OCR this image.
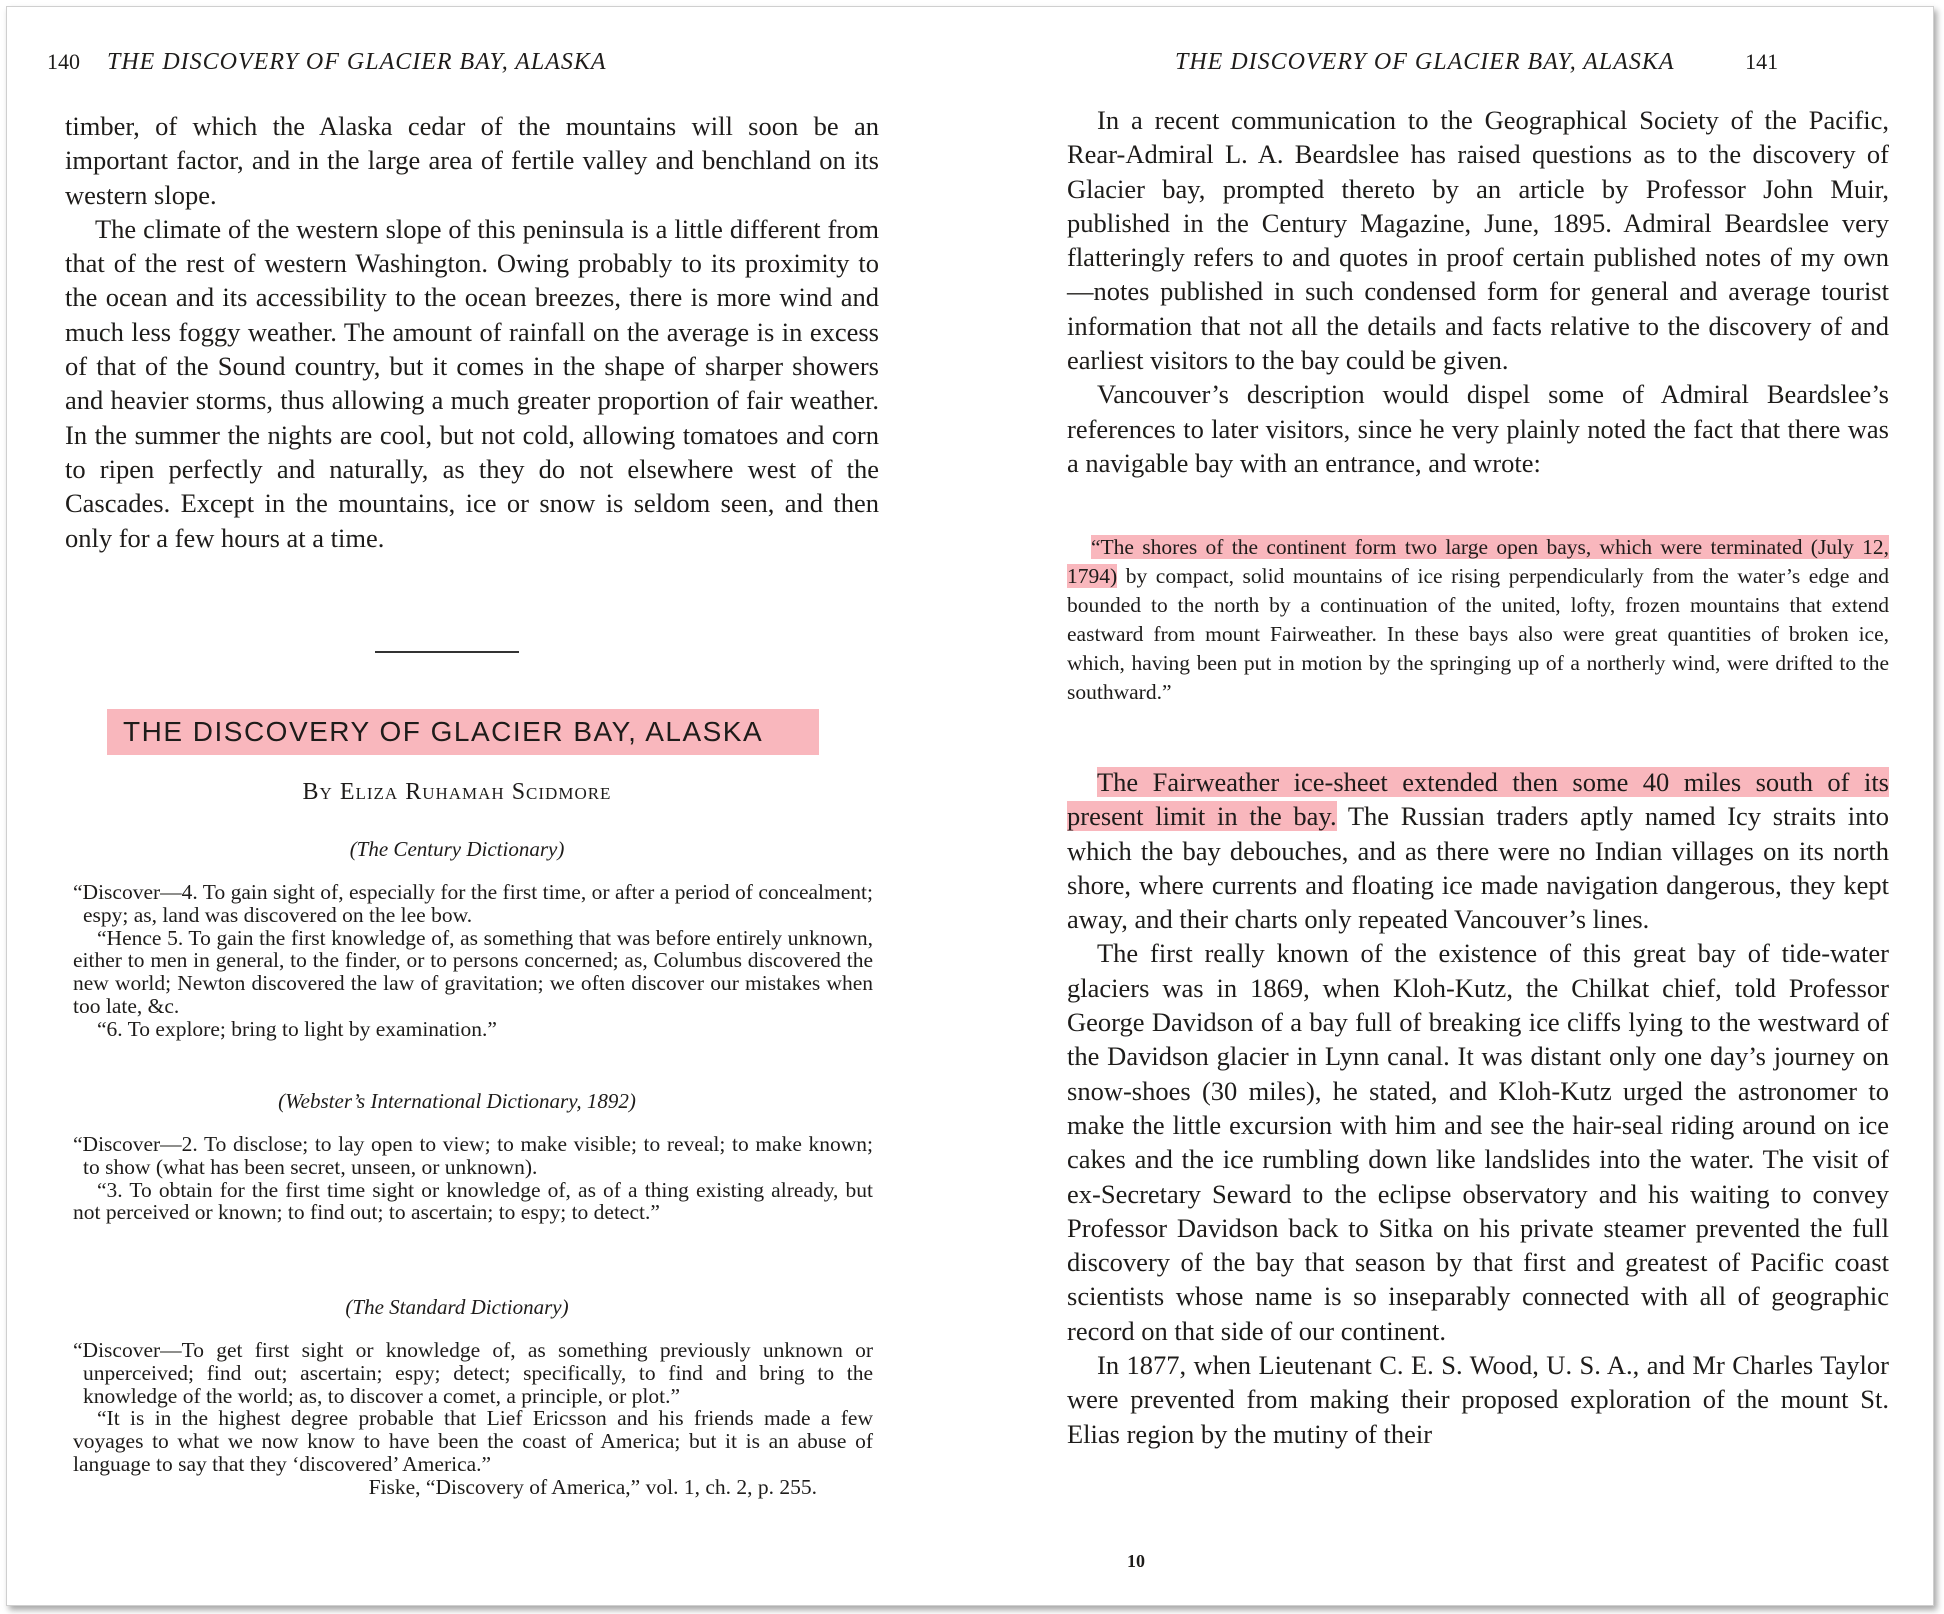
140 THE DISCOVERY OF GLACIER BAY, ALASKA

timber, of which the Alaska cedar of the mountains will soon be an important factor, and in the large area of fertile valley and benchland on its western slope.

The climate of the western slope of this peninsula is a little different from that of the rest of western Washington. Owing probably to its proximity to the ocean and its accessibility to the ocean breezes, there is more wind and much less foggy weather. The amount of rainfall on the average is in excess of that of the Sound country, but it comes in the shape of sharper showers and heavier storms, thus allowing a much greater proportion of fair weather. In the summer the nights are cool, but not cold, allowing tomatoes and corn to ripen perfectly and naturally, as they do not elsewhere west of the Cascades. Except in the mountains, ice or snow is seldom seen, and then only for a few hours at a time.

THE DISCOVERY OF GLACIER BAY, ALASKA
By Eliza Ruhamah Scidmore
(The Century Dictionary)

“Discover—4. To gain sight of, especially for the first time, or after a period of concealment; espy; as, land was discovered on the lee bow.

“Hence 5. To gain the first knowledge of, as something that was before entirely unknown, either to men in general, to the finder, or to persons concerned; as, Columbus discovered the new world; Newton discovered the law of gravitation; we often discover our mistakes when too late, &c.

“6. To explore; bring to light by examination.”

(Webster’s International Dictionary, 1892)

“Discover—2. To disclose; to lay open to view; to make visible; to reveal; to make known; to show (what has been secret, unseen, or unknown).

“3. To obtain for the first time sight or knowledge of, as of a thing existing already, but not perceived or known; to find out; to ascertain; to espy; to detect.”

(The Standard Dictionary)

“Discover—To get first sight or knowledge of, as something previously unknown or unperceived; find out; ascertain; espy; detect; specifically, to find and bring to the knowledge of the world; as, to discover a comet, a principle, or plot.”

“It is in the highest degree probable that Lief Ericsson and his friends made a few voyages to what we now know to have been the coast of America; but it is an abuse of language to say that they ‘discovered’ America.”

Fiske, “Discovery of America,” vol. 1, ch. 2, p. 255.

THE DISCOVERY OF GLACIER BAY, ALASKA	141

In a recent communication to the Geographical Society of the Pacific, Rear-Admiral L. A. Beardslee has raised questions as to the discovery of Glacier bay, prompted thereto by an article by Professor John Muir, published in the Century Magazine, June, 1895. Admiral Beardslee very flatteringly refers to and quotes in proof certain published notes of my own—notes published in such condensed form for general and average tourist information that not all the details and facts relative to the discovery of and earliest visitors to the bay could be given.

Vancouver’s description would dispel some of Admiral Beardslee’s references to later visitors, since he very plainly noted the fact that there was a navigable bay with an entrance, and wrote:

“The shores of the continent form two large open bays, which were terminated (July 12, 1794) by compact, solid mountains of ice rising perpendicularly from the water’s edge and bounded to the north by a continuation of the united, lofty, frozen mountains that extend eastward from mount Fairweather. In these bays also were great quantities of broken ice, which, having been put in motion by the springing up of a northerly wind, were drifted to the southward.”

The Fairweather ice-sheet extended then some 40 miles south of its present limit in the bay. The Russian traders aptly named Icy straits into which the bay debouches, and as there were no Indian villages on its north shore, where currents and floating ice made navigation dangerous, they kept away, and their charts only repeated Vancouver’s lines.

The first really known of the existence of this great bay of tide-water glaciers was in 1869, when Kloh-Kutz, the Chilkat chief, told Professor George Davidson of a bay full of breaking ice cliffs lying to the westward of the Davidson glacier in Lynn canal. It was distant only one day’s journey on snow-shoes (30 miles), he stated, and Kloh-Kutz urged the astronomer to make the little excursion with him and see the hair-seal riding around on ice cakes and the ice rumbling down like landslides into the water. The visit of ex-Secretary Seward to the eclipse observatory and his waiting to convey Professor Davidson back to Sitka on his private steamer prevented the full discovery of the bay that season by that first and greatest of Pacific coast scientists whose name is so inseparably connected with all of geographic record on that side of our continent.

In 1877, when Lieutenant C. E. S. Wood, U. S. A., and Mr Charles Taylor were prevented from making their proposed exploration of the mount St. Elias region by the mutiny of their

10
